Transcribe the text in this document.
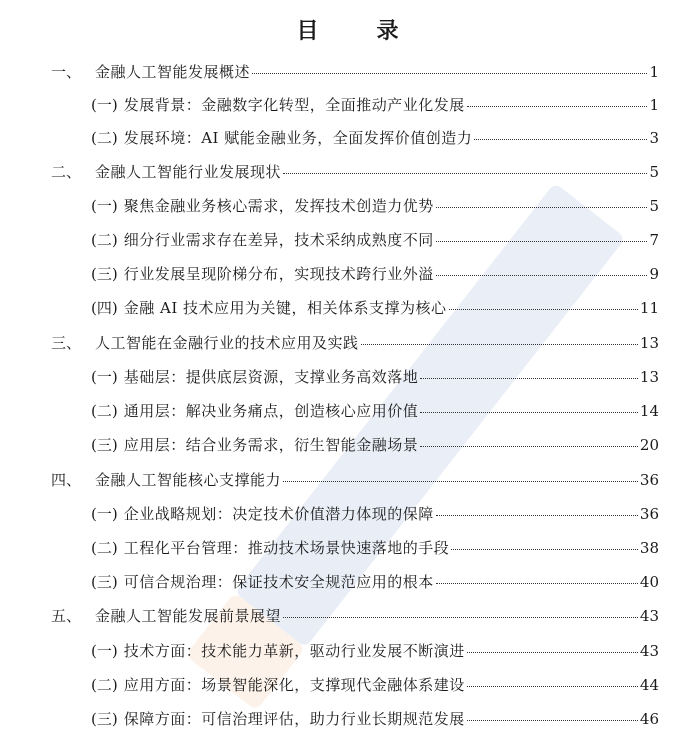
目　录
一、 金融人工智能发展概述	1
(一) 发展背景：金融数字化转型，全面推动产业化发展	1
(二) 发展环境：AI 赋能金融业务，全面发挥价值创造力	3
二、 金融人工智能行业发展现状	5
(一) 聚焦金融业务核心需求，发挥技术创造力优势	5
(二) 细分行业需求存在差异，技术采纳成熟度不同	7
(三) 行业发展呈现阶梯分布，实现技术跨行业外溢	9
(四) 金融 AI 技术应用为关键，相关体系支撑为核心	11
三、 人工智能在金融行业的技术应用及实践	13
(一) 基础层：提供底层资源，支撑业务高效落地	13
(二) 通用层：解决业务痛点，创造核心应用价值	14
(三) 应用层：结合业务需求，衍生智能金融场景	20
四、 金融人工智能核心支撑能力	36
(一) 企业战略规划：决定技术价值潜力体现的保障	36
(二) 工程化平台管理：推动技术场景快速落地的手段	38
(三) 可信合规治理：保证技术安全规范应用的根本	40
五、 金融人工智能发展前景展望	43
(一) 技术方面：技术能力革新，驱动行业发展不断演进	43
(二) 应用方面：场景智能深化，支撑现代金融体系建设	44
(三) 保障方面：可信治理评估，助力行业长期规范发展	46
